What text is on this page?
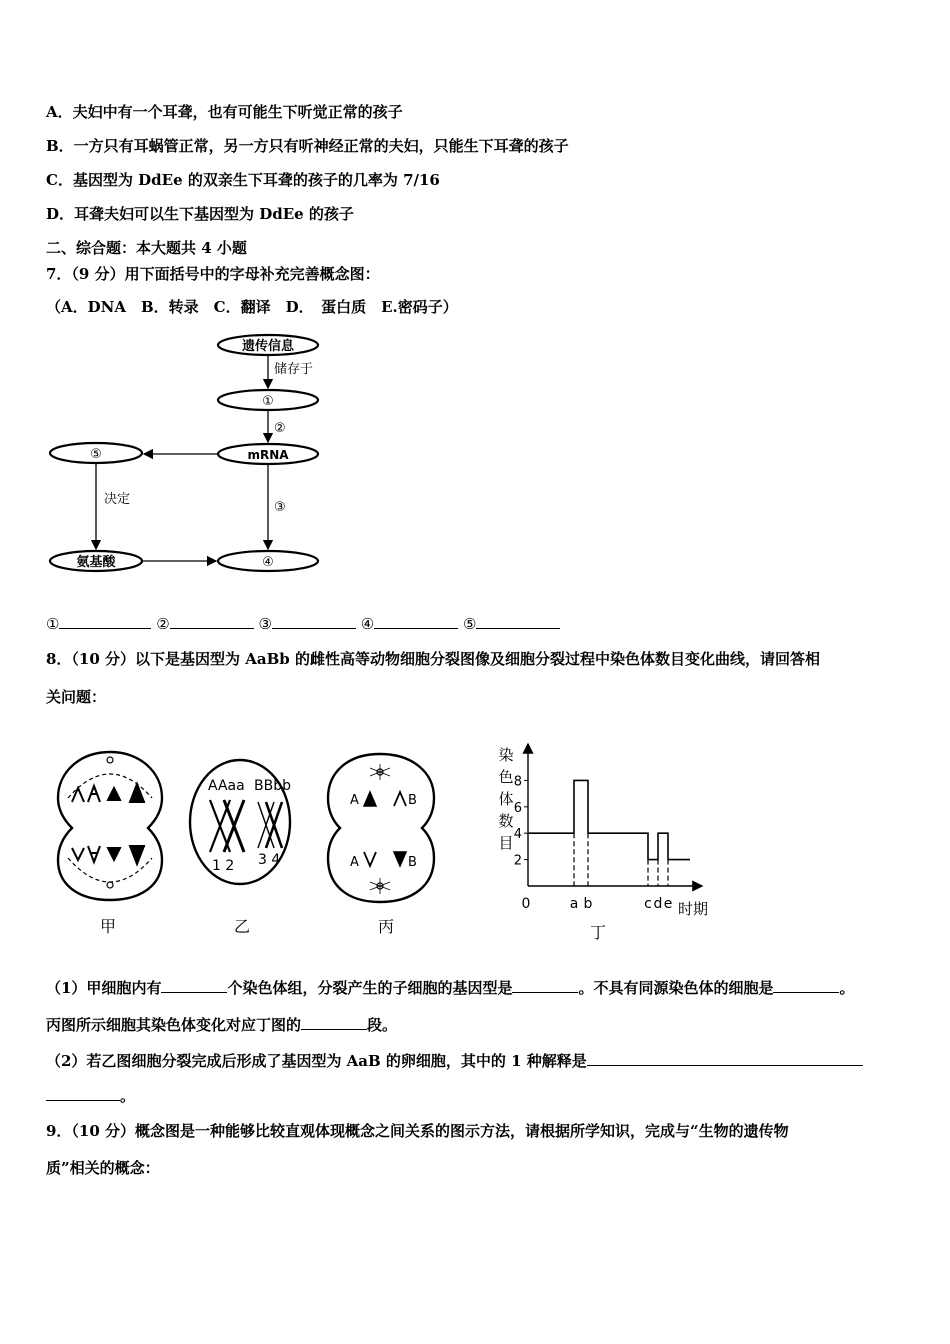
A．夫妇中有一个耳聋，也有可能生下听觉正常的孩子
B．一方只有耳蜗管正常，另一方只有听神经正常的夫妇，只能生下耳聋的孩子
C．基因型为 DdEe 的双亲生下耳聋的孩子的几率为 7/16
D．耳聋夫妇可以生下基因型为 DdEe 的孩子
二、综合题：本大题共 4 小题
7．（9 分）用下面括号中的字母补充完善概念图：
（A．DNA　B．转录　C．翻译　D．　蛋白质　E.密码子）
遗传信息
储存于
①
②
mRNA
⑤
决定
③
氨基酸	④
①	②	③	④	⑤
8．（10 分）以下是基因型为 AaBb 的雌性高等动物细胞分裂图像及细胞分裂过程中染色体数目变化曲线，请回答相
关问题：
甲
AAaa BBbb
1 2 3 4
乙
A	B
A	B
丙
染
色
体
数
目
2
4
6
8
0	a b	c d e 时期
丁
（1）甲细胞内有	个染色体组，分裂产生的子细胞的基因型是	。不具有同源染色体的细胞是	。
丙图所示细胞其染色体变化对应丁图的	段。
（2）若乙图细胞分裂完成后形成了基因型为 AaB 的卵细胞，其中的 1 种解释是
。
9．（10 分）概念图是一种能够比较直观体现概念之间关系的图示方法，请根据所学知识，完成与“生物的遗传物
质”相关的概念：
